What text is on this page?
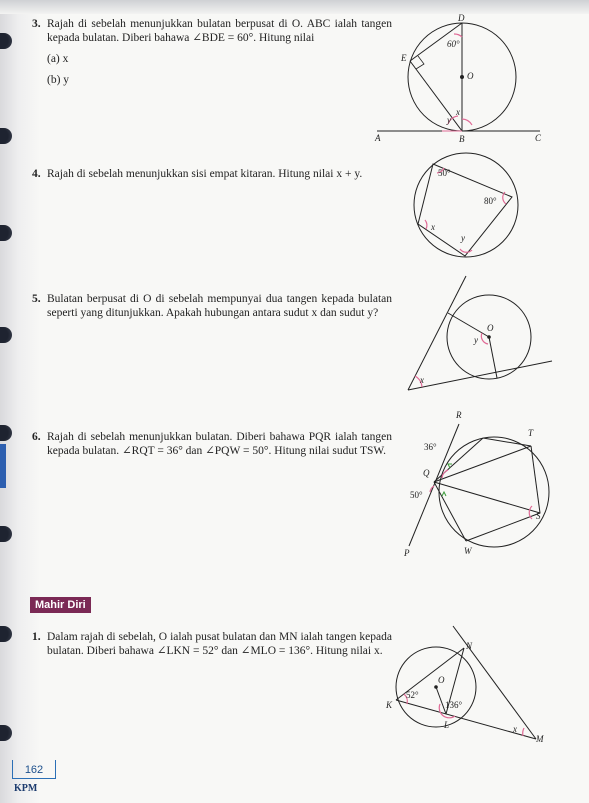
3. Rajah di sebelah menunjukkan bulatan berpusat di O. ABC ialah tangen kepada bulatan. Diberi bahawa ∠BDE = 60°. Hitung nilai

(a) x

(b) y

D
E
O
A	B	C
60°
x
y
4. Rajah di sebelah menunjukkan sisi empat kitaran. Hitung nilai x + y.	50°
80°
x
y
5. Bulatan berpusat di O di sebelah mempunyai dua tangen kepada bulatan seperti yang ditunjukkan. Apakah hubungan antara sudut x dan sudut y?

O
y
x
6. Rajah di sebelah menunjukkan bulatan. Diberi bahawa PQR ialah tangen kepada bulatan. ∠RQT = 36° dan ∠PQW = 50°. Hitung nilai sudut TSW.

R
T
Q
S
P	W
36°
50°
Mahir Diri
1. Dalam rajah di sebelah, O ialah pusat bulatan dan MN ialah tangen kepada bulatan. Diberi bahawa ∠LKN = 52° dan ∠MLO = 136°. Hitung nilai x.	N
O
K
L
M
52°
136°
x
162
KPM
